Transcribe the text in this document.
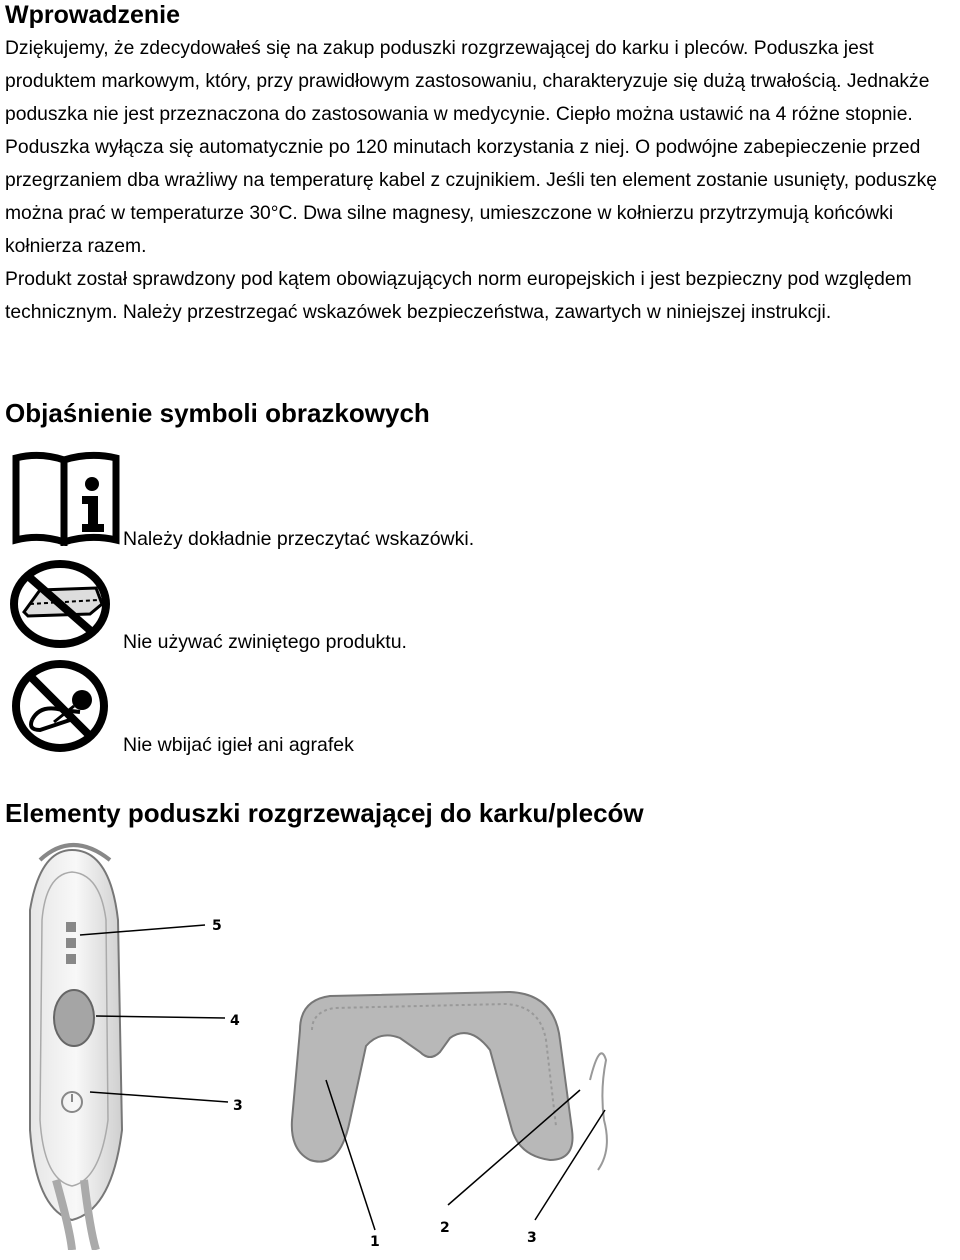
Wprowadzenie

Dziękujemy, że zdecydowałeś się na zakup poduszki rozgrzewającej do karku i pleców. Poduszka jest produktem markowym, który, przy prawidłowym zastosowaniu, charakteryzuje się dużą trwałością. Jednakże poduszka nie jest przeznaczona do zastosowania w medycynie. Ciepło można ustawić na 4 różne stopnie. Poduszka wyłącza się automatycznie po 120 minutach korzystania z niej. O podwójne zabepieczenie przed przegrzaniem dba wrażliwy na temperaturę kabel z czujnikiem. Jeśli ten element zostanie usunięty, poduszkę można prać w temperaturze 30°C. Dwa silne magnesy, umieszczone w kołnierzu przytrzymują końcówki kołnierza razem.

Produkt został sprawdzony pod kątem obowiązujących norm europejskich i jest bezpieczny pod względem technicznym. Należy przestrzegać wskazówek bezpieczeństwa, zawartych w niniejszej instrukcji.

Objaśnienie symboli obrazkowych

Należy dokładnie przeczytać wskazówki.

Nie używać zwiniętego produktu.

Nie wbijać igieł ani agrafek

Elementy poduszki rozgrzewającej do karku/pleców
5
4
3
1
2
3
